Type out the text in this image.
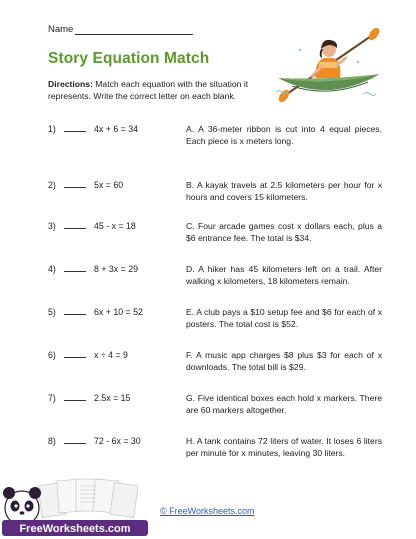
Name
Story Equation Match
Directions: Match each equation with the situation it represents. Write the correct letter on each blank.
1)	4x + 6 = 34	A. A 36-meter ribbon is cut into 4 equal pieces. Each piece is x meters long.
2)	5x = 60	B. A kayak travels at 2.5 kilometers per hour for x hours and covers 15 kilometers.
3)	45 - x = 18	C. Four arcade games cost x dollars each, plus a $6 entrance fee. The total is $34.
4)	8 + 3x = 29	D. A hiker has 45 kilometers left on a trail. After walking x kilometers, 18 kilometers remain.
5)	6x + 10 = 52	E. A club pays a $10 setup fee and $6 for each of x posters. The total cost is $52.
6)	x ÷ 4 = 9	F. A music app charges $8 plus $3 for each of x downloads. The total bill is $29.
7)	2.5x = 15	G. Five identical boxes each hold x markers. There are 60 markers altogether.
8)	72 - 6x = 30	H. A tank contains 72 liters of water. It loses 6 liters per minute for x minutes, leaving 30 liters.
FreeWorksheets.com
© FreeWorksheets.com
